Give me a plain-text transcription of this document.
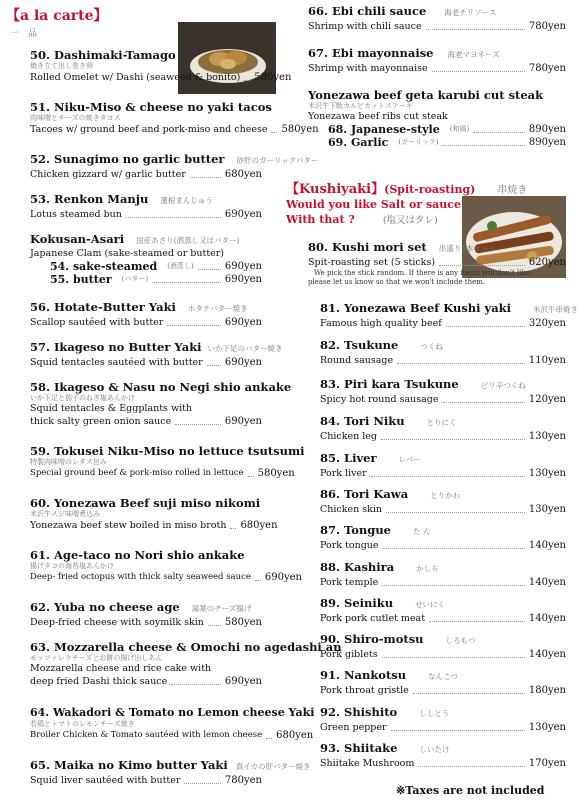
【a la carte】
一　品
50. Dashimaki-Tamago
焼き立て出し巻き卵
Rolled Omelet w/ Dashi (seaweed & bonito) 580yen
51. Niku-Miso & cheese no yaki tacos
肉味噌とチーズの焼きタコス
Tacoes w/ ground beef and pork-miso and cheese 580yen
52. Sunagimo no garlic butter 砂肝のガーリックバター
Chicken gizzard w/ garlic butter	680yen
53. Renkon Manju 蓮根まんじゅう
Lotus steamed bun	690yen
Kokusan-Asari 国産あさり(酒蒸し又はバター)
Japanese Clam (sake-steamed or butter)
54. sake-steamed (酒蒸し)	690yen
55. butter (バター)	690yen
56. Hotate-Butter Yaki ホタテバター焼き
Scallop sautéed with butter	690yen
57. Ikageso no Butter Yaki いか下足のバター焼き
Squid tentacles sautéed with butter 690yen
58. Ikageso & Nasu no Negi shio ankake
いか下足と茄子のねぎ塩あんかけ
Squid tentacles & Eggplants with
thick salty green onion sauce	690yen
59. Tokusei Niku-Miso no lettuce tsutsumi
特製肉味噌のレタス包み
Special ground beef & pork-miso rolled in lettuce 580yen
60. Yonezawa Beef suji miso nikomi
米沢牛スジ味噌煮込み
Yonezawa beef stew boiled in miso broth 680yen
61. Age-taco no Nori shio ankake
揚げタコの海苔塩あんかけ
Deep- fried octopus with thick salty seaweed sauce 690yen
62. Yuba no cheese age 湯葉のチーズ揚げ
Deep-fried cheese with soymilk skin 580yen
63. Mozzarella cheese & Omochi no agedashi an
モッツァレラチーズとお餅の揚げ出しあん
Mozzarella cheese and rice cake with
deep fried Dashi thick sauce	690yen
64. Wakadori & Tomato no Lemon cheese Yaki
若鶏とトマトのレモンチーズ焼き
Broiler Chicken & Tomato sautéed with lemon cheese 680yen
65. Maika no Kimo butter Yaki 真イカの肝バター焼き
Squid liver sautéed with butter	780yen
66. Ebi chili sauce 海老チリソース
Shrimp with chili sauce	780yen
67. Ebi mayonnaise 海老マヨネーズ
Shrimp with mayonnaise	780yen
Yonezawa beef geta karubi cut steak
米沢牛下駄カルビカットステーキ
Yonezawa beef ribs cut steak
68. Japanese-style (和風)	890yen
69. Garlic (ガーリック)	890yen
【Kushiyaki】(Spit-roasting) 串焼き
Would you like Salt or sauce
With that ?	(塩又はタレ)
80. Kushi mori set 串盛り5本セット
Spit-roasting set (5 sticks)	620yen
We pick the stick random. If there is any items you don't like,
please let us know so that we won't include them.
81. Yonezawa Beef Kushi yaki	米沢牛串焼き
Famous high quality beef	320yen
82. Tsukune	つくね
Round sausage	110yen
83. Piri kara Tsukune	ピリ辛つくね
Spicy hot round sausage	120yen
84. Tori Niku	とりにく
Chicken leg	130yen
85. Liver	レバー
Pork liver	130yen
86. Tori Kawa	とりかわ
Chicken skin	130yen
87. Tongue	た ん
Pork tongue	140yen
88. Kashira	かしら
Pork temple	140yen
89. Seiniku	せいにく
Pork pork cutlet meat	140yen
90. Shiro-motsu	しろもつ
Pork giblets	140yen
91. Nankotsu	なんこつ
Pork throat gristle	180yen
92. Shishito	ししとう
Green pepper	130yen
93. Shiitake	しいたけ
Shiitake Mushroom	170yen
※Taxes are not included
